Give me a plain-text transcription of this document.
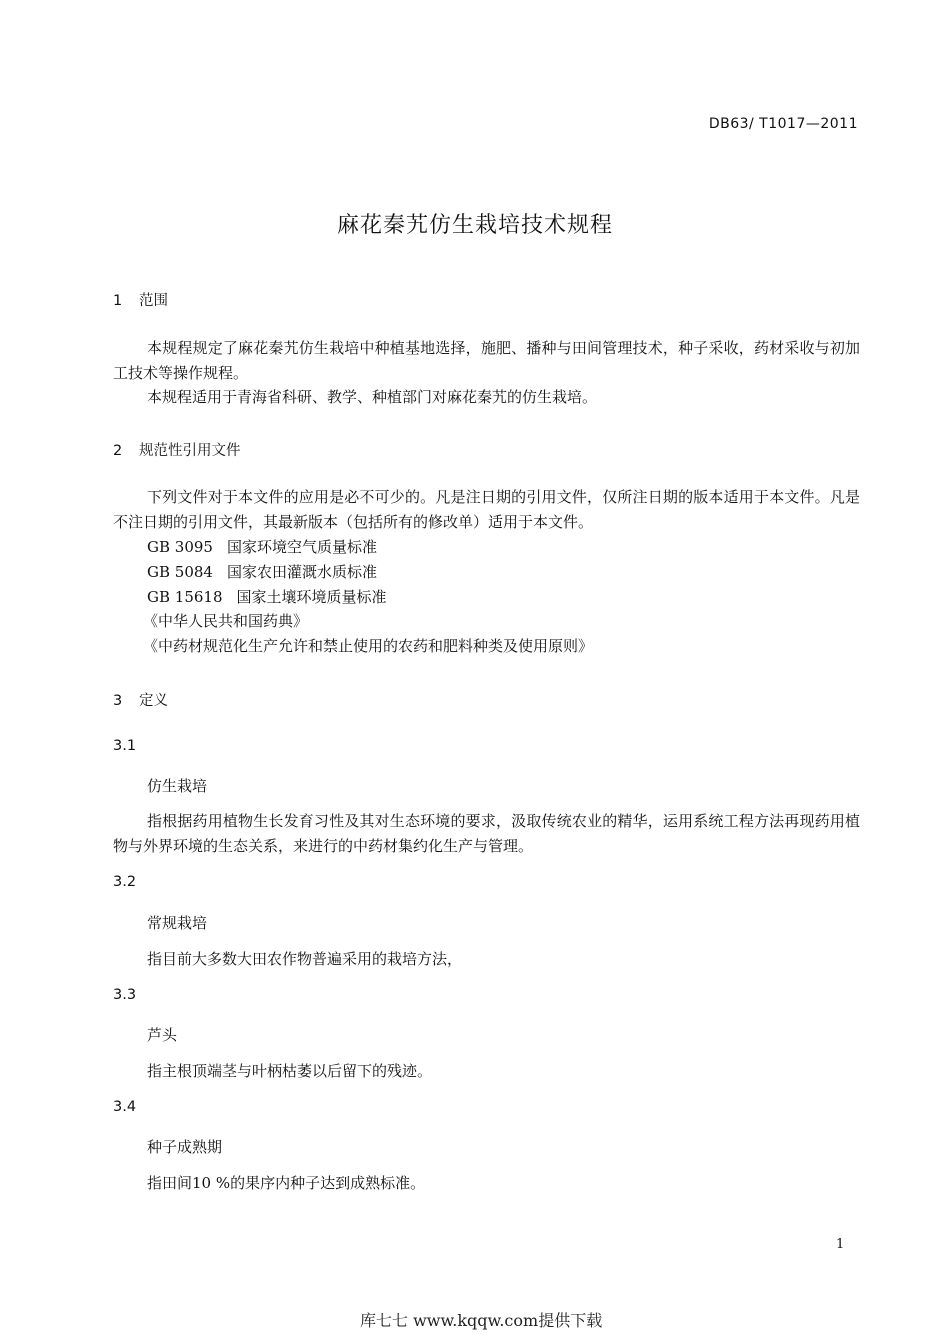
DB63/ T1017—2011
麻花秦艽仿生栽培技术规程
1 范围
本规程规定了麻花秦艽仿生栽培中种植基地选择，施肥、播种与田间管理技术，种子采收，药材采收与初加工技术等操作规程。
本规程适用于青海省科研、教学、种植部门对麻花秦艽的仿生栽培。
2 规范性引用文件
下列文件对于本文件的应用是必不可少的。凡是注日期的引用文件，仅所注日期的版本适用于本文件。凡是不注日期的引用文件，其最新版本（包括所有的修改单）适用于本文件。
GB 3095 国家环境空气质量标准
GB 5084 国家农田灌溉水质标准
GB 15618 国家土壤环境质量标准
《中华人民共和国药典》
《中药材规范化生产允许和禁止使用的农药和肥料种类及使用原则》
3 定义
3.1
仿生栽培
指根据药用植物生长发育习性及其对生态环境的要求，汲取传统农业的精华，运用系统工程方法再现药用植物与外界环境的生态关系，来进行的中药材集约化生产与管理。
3.2
常规栽培
指目前大多数大田农作物普遍采用的栽培方法，
3.3
芦头
指主根顶端茎与叶柄枯萎以后留下的残迹。
3.4
种子成熟期
指田间10 %的果序内种子达到成熟标准。
1
库七七 www.kqqw.com提供下载
